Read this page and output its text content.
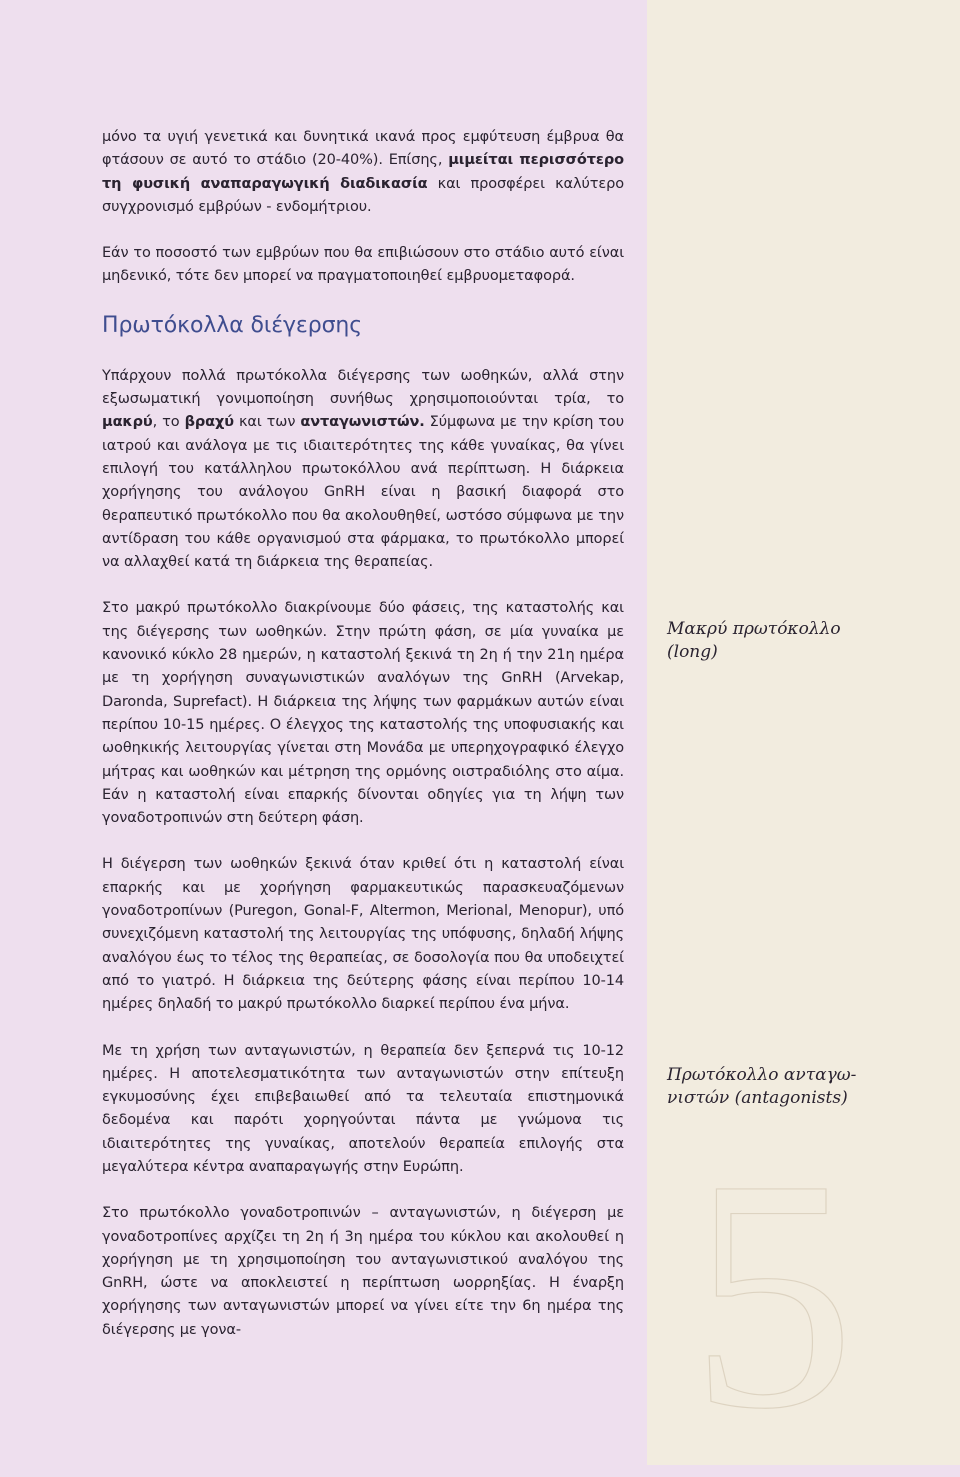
5

μόνο τα υγιή γενετικά και δυνητικά ικανά προς εμφύτευση έμβρυα θα φτάσουν σε αυτό το στάδιο (20-40%). Επίσης, μιμείται περισσότερο τη φυσική αναπαραγωγική διαδικασία και προσφέρει καλύτερο συγχρονισμό εμβρύων - ενδομήτριου.

Εάν το ποσοστό των εμβρύων που θα επιβιώσουν στο στάδιο αυτό είναι μηδενικό, τότε δεν μπορεί να πραγματοποιηθεί εμβρυομεταφορά.

Πρωτόκολλα διέγερσης

Υπάρχουν πολλά πρωτόκολλα διέγερσης των ωοθηκών, αλλά στην εξωσωματική γονιμοποίηση συνήθως χρησιμοποιούνται τρία, το μακρύ, το βραχύ και των ανταγωνιστών. Σύμφωνα με την κρίση του ιατρού και ανάλογα με τις ιδιαιτερότητες της κάθε γυναίκας, θα γίνει επιλογή του κατάλληλου πρωτοκόλλου ανά περίπτωση. Η διάρκεια χορήγησης του ανάλογου GnRH είναι η βασική διαφορά στο θεραπευτικό πρωτόκολλο που θα ακολουθηθεί, ωστόσο σύμφωνα με την αντίδραση του κάθε οργανισμού στα φάρμακα, το πρωτόκολλο μπορεί να αλλαχθεί κατά τη διάρκεια της θεραπείας.

Στο μακρύ πρωτόκολλο διακρίνουμε δύο φάσεις, της καταστολής και της διέγερσης των ωοθηκών. Στην πρώτη φάση, σε μία γυναίκα με κανονικό κύκλο 28 ημερών, η καταστολή ξεκινά τη 2η ή την 21η ημέρα με τη χορήγηση συναγωνιστικών αναλόγων της GnRH (Arvekap, Daronda, Suprefact). Η διάρκεια της λήψης των φαρμάκων αυτών είναι περίπου 10-15 ημέρες. Ο έλεγχος της καταστολής της υποφυσιακής και ωοθηκικής λειτουργίας γίνεται στη Μονάδα με υπερηχογραφικό έλεγχο μήτρας και ωοθηκών και μέτρηση της ορμόνης οιστραδιόλης στο αίμα. Εάν η καταστολή είναι επαρκής δίνονται οδηγίες για τη λήψη των γοναδοτροπινών στη δεύτερη φάση.

Η διέγερση των ωοθηκών ξεκινά όταν κριθεί ότι η καταστολή είναι επαρκής και με χορήγηση φαρμακευτικώς παρασκευαζόμενων γοναδοτροπίνων (Puregon, Gonal-F, Altermon, Merional, Menopur), υπό συνεχιζόμενη καταστολή της λειτουργίας της υπόφυσης, δηλαδή λήψης αναλόγου έως το τέλος της θεραπείας, σε δοσολογία που θα υποδειχτεί από το γιατρό. Η διάρκεια της δεύτερης φάσης είναι περίπου 10-14 ημέρες δηλαδή το μακρύ πρωτόκολλο διαρκεί περίπου ένα μήνα.

Με τη χρήση των ανταγωνιστών, η θεραπεία δεν ξεπερνά τις 10-12 ημέρες. Η αποτελεσματικότητα των ανταγωνιστών στην επίτευξη εγκυμοσύνης έχει επιβεβαιωθεί από τα τελευταία επιστημονικά δεδομένα και παρότι χορηγούνται πάντα με γνώμονα τις ιδιαιτερότητες της γυναίκας, αποτελούν θεραπεία επιλογής στα μεγαλύτερα κέντρα αναπαραγωγής στην Ευρώπη.

Στο πρωτόκολλο γοναδοτροπινών – ανταγωνιστών, η διέγερση με γοναδοτροπίνες αρχίζει τη 2η ή 3η ημέρα του κύκλου και ακολουθεί η χορήγηση με τη χρησιμοποίηση του ανταγωνιστικού αναλόγου της GnRH, ώστε να αποκλειστεί η περίπτωση ωορρηξίας. Η έναρξη χορήγησης των ανταγωνιστών μπορεί να γίνει είτε την 6η ημέρα της διέγερσης με γονα-

Μακρύ πρωτόκολλο
(long)
Πρωτόκολλο ανταγω-
νιστών (antagonists)
